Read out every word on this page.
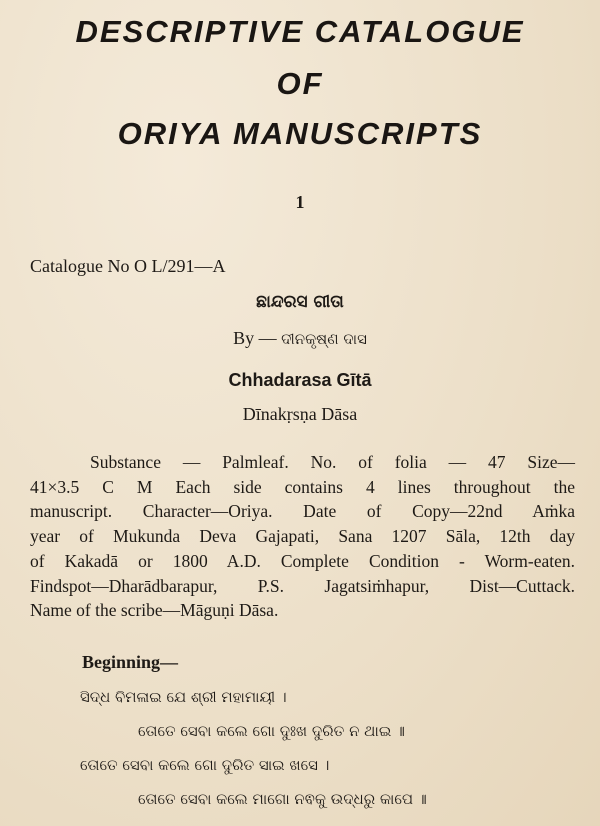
DESCRIPTIVE CATALOGUE
OF
ORIYA MANUSCRIPTS
1
Catalogue No O L/291—A
ଛାନ୍ଦରସ ଗୀତା
By — ଦୀନକୃଷ୍ଣ ଦାସ
Chhadarasa Gītā
Dīnakṛsṇa Dāsa
Substance — Palmleaf. No. of folia — 47 Size—
41×3.5 C M Each side contains 4 lines throughout the
manuscript. Character—Oriya. Date of Copy—22nd Aṁka
year of Mukunda Deva Gajapati, Sana 1207 Sāla, 12th day
of Kakadā or 1800 A.D. Complete Condition - Worm-eaten.
Findspot—Dharādbarapur, P.S. Jagatsiṁhapur, Dist—Cuttack.
Name of the scribe—Māguṇi Dāsa.
Beginning—
ସିଦ୍ଧ ବିମଳାଇ ଯେ ଶ୍ରୀ ମହାମାୟୀ ।
ତୋତେ ସେବା କଲେ ଗୋ ଦୁଃଖ ଦୁରିତ ନ ଥାଇ ॥
ତୋତେ ସେବା କଲେ ଗୋ ଦୁରିତ ସାଇ ଖସେ ।
ତୋତେ ସେବା କଲେ ମାଗୋ ନଵକୁ ଉଦ୍ଧରୁ କାପେ ॥
